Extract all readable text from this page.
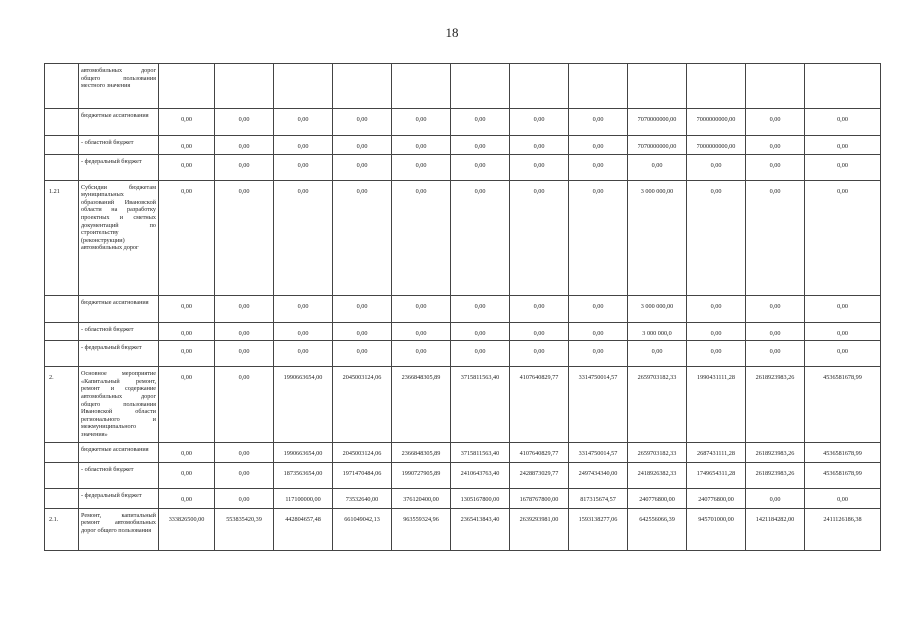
18
	автомобильных дорог общего пользования местного значения												
	бюджетные ассигнования	0,00	0,00	0,00	0,00	0,00	0,00	0,00	0,00	7070000000,00	7000000000,00	0,00	0,00
	- областной бюджет	0,00	0,00	0,00	0,00	0,00	0,00	0,00	0,00	7070000000,00	7000000000,00	0,00	0,00
	- федеральный бюджет	0,00	0,00	0,00	0,00	0,00	0,00	0,00	0,00	0,00	0,00	0,00	0,00
1.21	Субсидии бюджетам муниципальных образований Ивановской области на разработку проектных и сметных документаций по строительству (реконструкции) автомобильных дорог	0,00	0,00	0,00	0,00	0,00	0,00	0,00	0,00	3 000 000,00	0,00	0,00	0,00
	бюджетные ассигнования	0,00	0,00	0,00	0,00	0,00	0,00	0,00	0,00	3 000 000,00	0,00	0,00	0,00
	- областной бюджет	0,00	0,00	0,00	0,00	0,00	0,00	0,00	0,00	3 000 000,0	0,00	0,00	0,00
	- федеральный бюджет	0,00	0,00	0,00	0,00	0,00	0,00	0,00	0,00	0,00	0,00	0,00	0,00
2.	Основное мероприятие «Капитальный ремонт, ремонт и содержание автомобильных дорог общего пользования Ивановской области регионального и межмуниципального значения»	0,00	0,00	1990663654,00	2045003124,06	2366848305,89	3715811563,40	4107640829,77	3314750014,57	2659703182,33	1990431111,28	2618923983,26	4536581678,99
	бюджетные ассигнования	0,00	0,00	1990663654,00	2045003124,06	2366848305,89	3715811563,40	4107640829,77	3314750014,57	2659703182,33	2687431111,28	2618923983,26	4536581678,99
	- областной бюджет	0,00	0,00	1873563654,00	1971470484,06	1990727905,89	2410643763,40	2428873029,77	2497434340,00	2418926382,33	1749654311,28	2618923983,26	4536581678,99
	- федеральный бюджет	0,00	0,00	117100000,00	73532640,00	376120400,00	1305167800,00	1678767800,00	817315674,57	240776800,00	240776800,00	0,00	0,00
2.1.	Ремонт, капитальный ремонт автомобильных дорог общего пользования	333826500,00	553835420,39	442804657,48	661049042,13	963559324,96	2365413843,40	2639293981,00	1593138277,06	642556066,39	945701000,00	1421184282,00	2411126186,38
